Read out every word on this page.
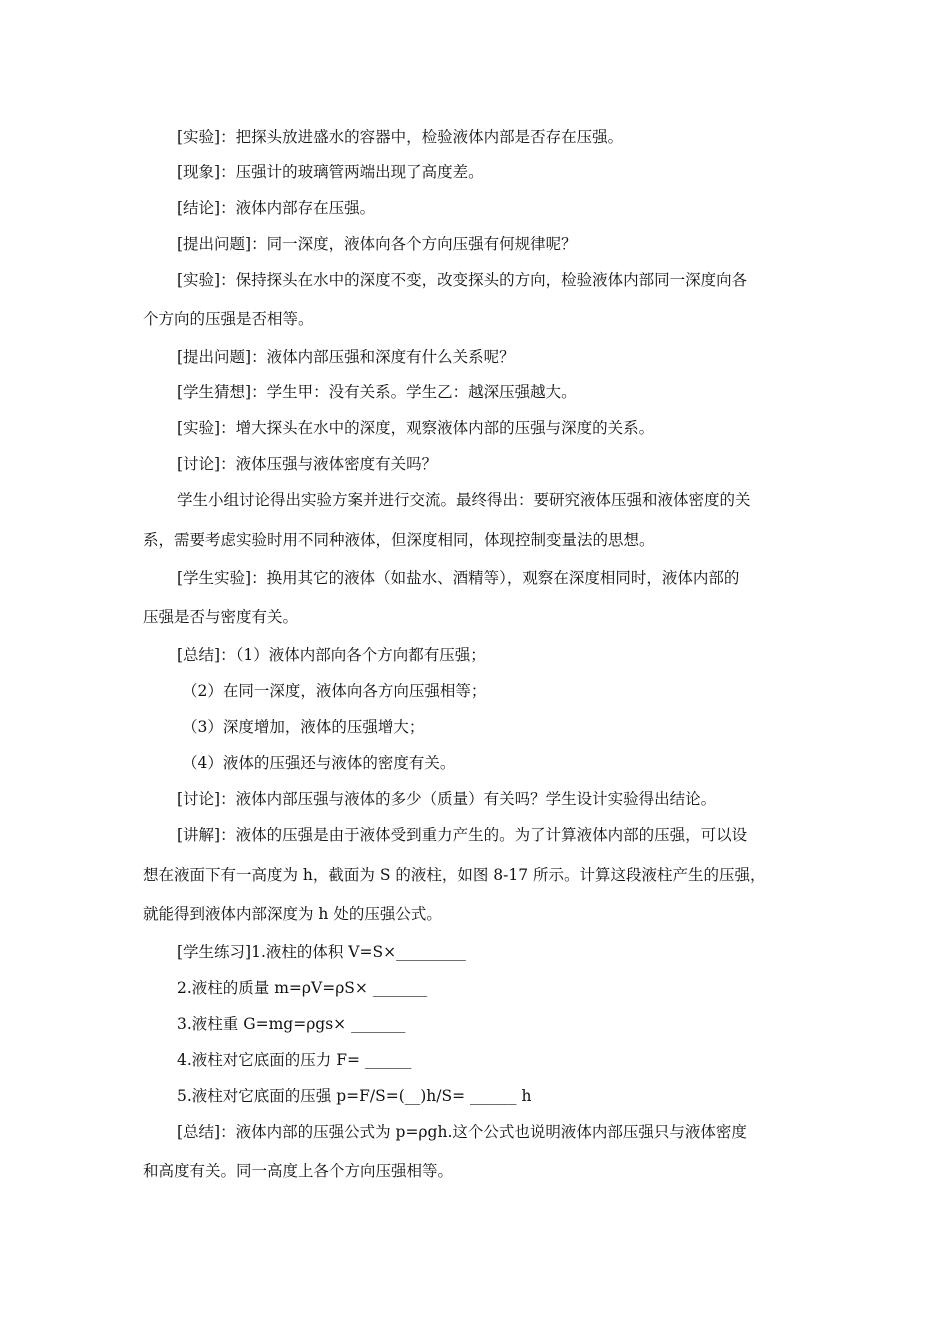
[实验]：把探头放进盛水的容器中，检验液体内部是否存在压强。
[现象]：压强计的玻璃管两端出现了高度差。
[结论]：液体内部存在压强。
[提出问题]：同一深度，液体向各个方向压强有何规律呢？
[实验]：保持探头在水中的深度不变，改变探头的方向，检验液体内部同一深度向各
个方向的压强是否相等。
[提出问题]：液体内部压强和深度有什么关系呢？
[学生猜想]：学生甲：没有关系。学生乙：越深压强越大。
[实验]：增大探头在水中的深度，观察液体内部的压强与深度的关系。
[讨论]：液体压强与液体密度有关吗？
学生小组讨论得出实验方案并进行交流。最终得出：要研究液体压强和液体密度的关
系，需要考虑实验时用不同种液体，但深度相同，体现控制变量法的思想。
[学生实验]：换用其它的液体（如盐水、酒精等），观察在深度相同时，液体内部的
压强是否与密度有关。
[总结]：（1）液体内部向各个方向都有压强；
（2）在同一深度，液体向各方向压强相等；
（3）深度增加，液体的压强增大；
（4）液体的压强还与液体的密度有关。
[讨论]：液体内部压强与液体的多少（质量）有关吗？学生设计实验得出结论。
[讲解]：液体的压强是由于液体受到重力产生的。为了计算液体内部的压强，可以设
想在液面下有一高度为 h，截面为 S 的液柱，如图 8-17 所示。计算这段液柱产生的压强，
就能得到液体内部深度为 h 处的压强公式。
[学生练习]1.液柱的体积 V=S×_________
2.液柱的质量 m=ρV=ρS× _______
3.液柱重 G=mg=ρgs× _______
4.液柱对它底面的压力 F= ______
5.液柱对它底面的压强 p=F/S=(__)h/S= ______ h
[总结]：液体内部的压强公式为 p=ρgh.这个公式也说明液体内部压强只与液体密度
和高度有关。同一高度上各个方向压强相等。
